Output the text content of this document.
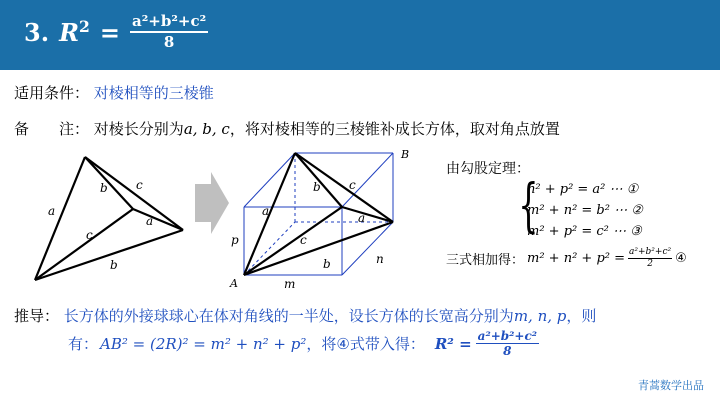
3. $R^2 = \frac{\text{a²+b²+c²}}{8}$
适用条件： 对棱相等的三棱锥
备　　注： 对棱长分别为a, b, c，将对棱相等的三棱锥补成长方体，取对角点放置
a
b c
a
c
b
A
B
a
b c
a
c
b
p
m
n
由勾股定理：
{
n² + p² = a² ⋯ ①
m² + n² = b² ⋯ ②
m² + p² = c² ⋯ ③
三式相加得： $m^2 + n^2 + p^2 = \frac{\text{a²+b²+c²}}{2}$ ④
推导： 长方体的外接球球心在体对角线的一半处，设长方体的长宽高分别为m, n, p，则
有： AB² = (2R)² = m² + n² + p² ，将④式带入得： $R^2 = \frac{\text{a²+b²+c²}}{8}$
青蒿数学出品
